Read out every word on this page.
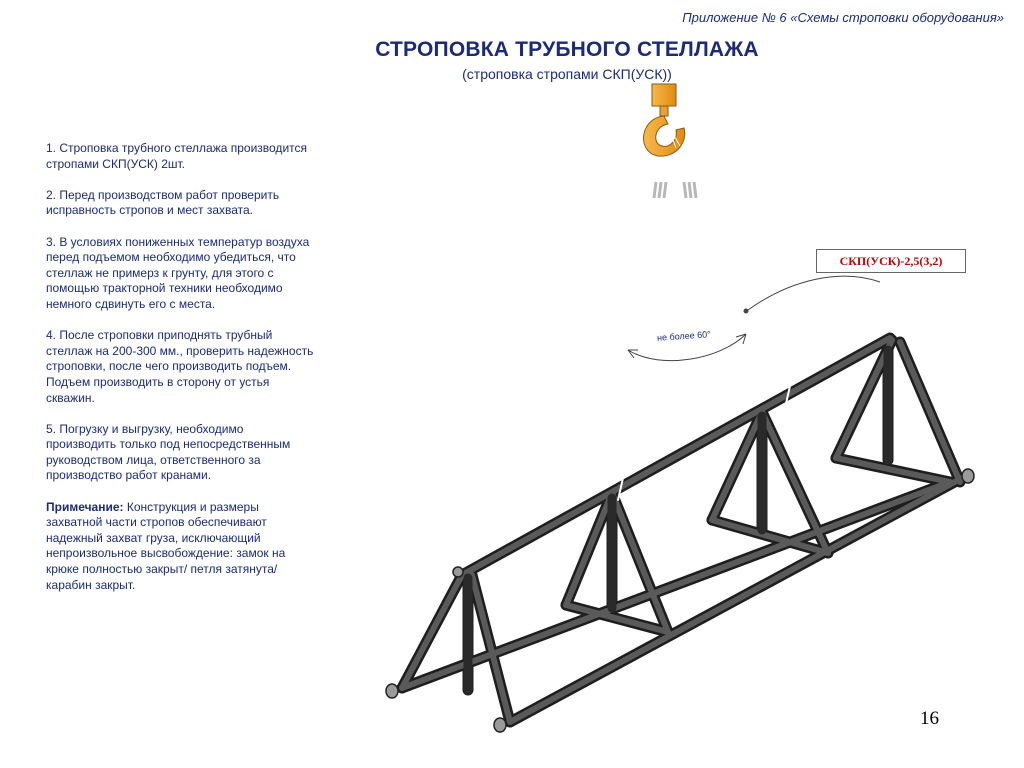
Приложение № 6 «Схемы строповки оборудования»
СТРОПОВКА ТРУБНОГО СТЕЛЛАЖА
(строповка стропами СКП(УСК))

1. Строповка трубного стеллажа производится
стропами СКП(УСК) 2шт.

2. Перед производством работ проверить
исправность стропов и мест захвата.

3. В условиях пониженных температур воздуха
перед подъемом необходимо убедиться, что
стеллаж не примерз к грунту, для этого с
помощью тракторной техники необходимо
немного сдвинуть его с места.

4. После строповки приподнять трубный
стеллаж на 200-300 мм., проверить надежность
строповки, после чего производить подъем.
Подъем производить в сторону от устья
скважин.

5. Погрузку и выгрузку, необходимо
производить только под непосредственным
руководством лица, ответственного за
производство работ кранами.

Примечание: Конструкция и размеры
захватной части стропов обеспечивают
надежный захват груза, исключающий
непроизвольное высвобождение: замок на
крюке полностью закрыт/ петля затянута/
карабин закрыт.

СКП(УСК)-2,5(3,2)
не более 60°
16
